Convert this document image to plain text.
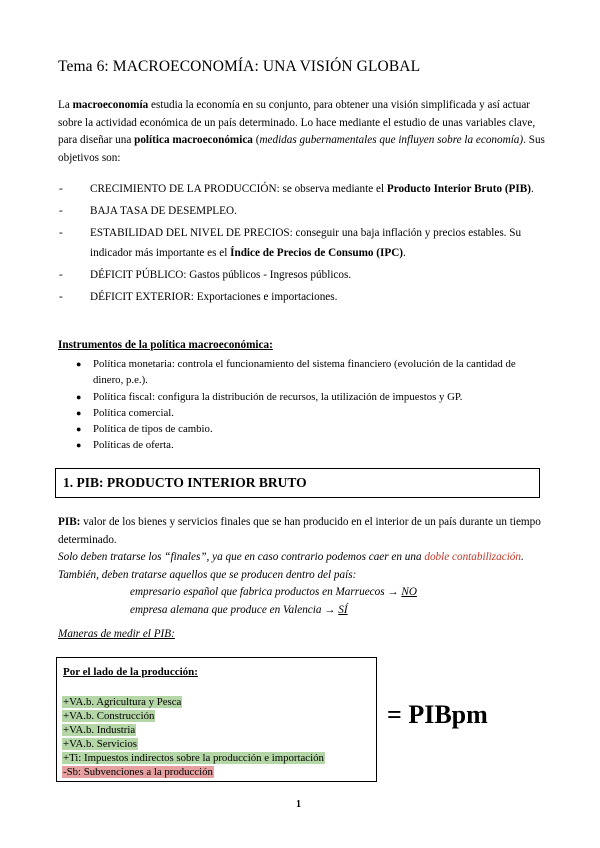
Tema 6: MACROECONOMÍA: UNA VISIÓN GLOBAL
La macroeconomía estudia la economía en su conjunto, para obtener una visión simplificada y así actuar sobre la actividad económica de un país determinado. Lo hace mediante el estudio de unas variables clave, para diseñar una política macroeconómica (medidas gubernamentales que influyen sobre la economía). Sus objetivos son:
- CRECIMIENTO DE LA PRODUCCIÓN: se observa mediante el Producto Interior Bruto (PIB).
- BAJA TASA DE DESEMPLEO.
- ESTABILIDAD DEL NIVEL DE PRECIOS: conseguir una baja inflación y precios estables. Su indicador más importante es el Índice de Precios de Consumo (IPC).
- DÉFICIT PÚBLICO: Gastos públicos - Ingresos públicos.
- DÉFICIT EXTERIOR: Exportaciones e importaciones.
Instrumentos de la política macroeconómica:
● Política monetaria: controla el funcionamiento del sistema financiero (evolución de la cantidad de dinero, p.e.).
● Política fiscal: configura la distribución de recursos, la utilización de impuestos y GP.
● Política comercial.
● Política de tipos de cambio.
● Políticas de oferta.
1. PIB: PRODUCTO INTERIOR BRUTO
PIB: valor de los bienes y servicios finales que se han producido en el interior de un país durante un tiempo determinado.
Solo deben tratarse los “finales”, ya que en caso contrario podemos caer en una doble contabilización. También, deben tratarse aquellos que se producen dentro del país:
empresario español que fabrica productos en Marruecos → NO
empresa alemana que produce en Valencia → SÍ
Maneras de medir el PIB:
Por el lado de la producción:
+VA.b. Agricultura y Pesca
+VA.b. Construcción
+VA.b. Industria
+VA.b. Servicios
+Ti: Impuestos indirectos sobre la producción e importación
-Sb: Subvenciones a la producción
= PIBpm
1
